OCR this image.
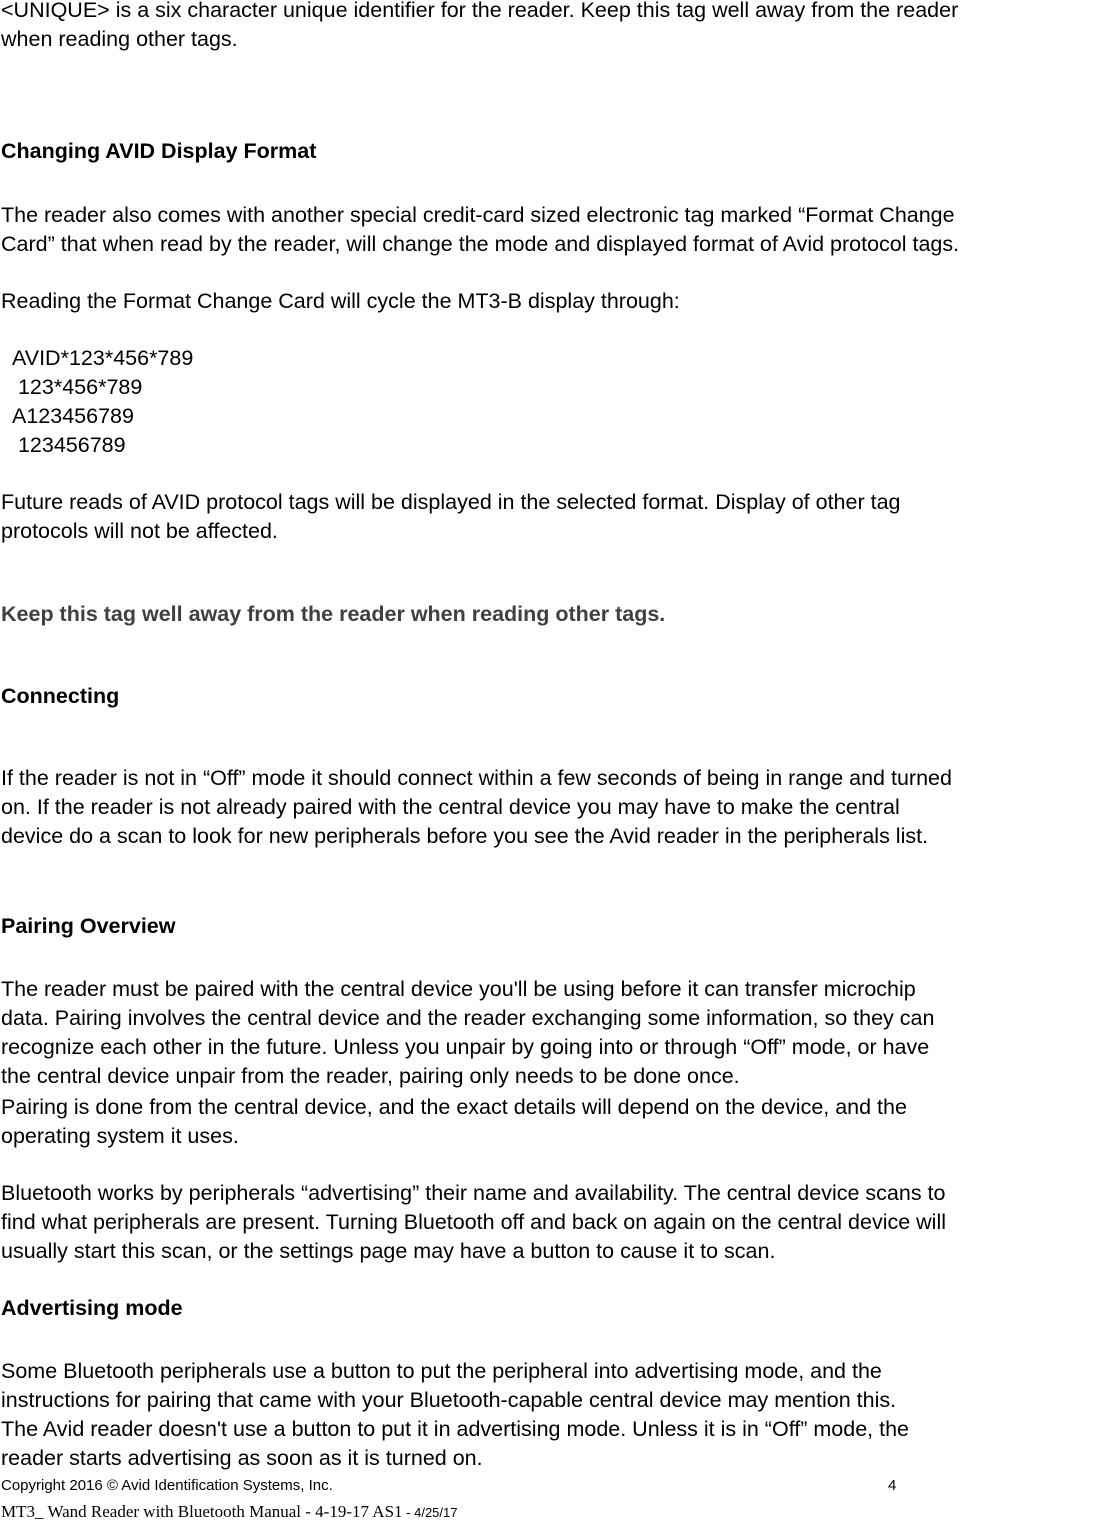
<UNIQUE> is a six character unique identifier for the reader. Keep this tag well away from the reader
when reading other tags.
Changing AVID Display Format
The reader also comes with another special credit-card sized electronic tag marked “Format Change
Card” that when read by the reader, will change the mode and displayed format of Avid protocol tags.
Reading the Format Change Card will cycle the MT3-B display through:
AVID*123*456*789
123*456*789
A123456789
123456789
Future reads of AVID protocol tags will be displayed in the selected format. Display of other tag
protocols will not be affected.
Keep this tag well away from the reader when reading other tags.
Connecting
If the reader is not in “Off” mode it should connect within a few seconds of being in range and turned
on. If the reader is not already paired with the central device you may have to make the central
device do a scan to look for new peripherals before you see the Avid reader in the peripherals list.
Pairing Overview
The reader must be paired with the central device you'll be using before it can transfer microchip
data. Pairing involves the central device and the reader exchanging some information, so they can
recognize each other in the future. Unless you unpair by going into or through “Off” mode, or have
the central device unpair from the reader, pairing only needs to be done once.
Pairing is done from the central device, and the exact details will depend on the device, and the
operating system it uses.
Bluetooth works by peripherals “advertising” their name and availability. The central device scans to
find what peripherals are present. Turning Bluetooth off and back on again on the central device will
usually start this scan, or the settings page may have a button to cause it to scan.
Advertising mode
Some Bluetooth peripherals use a button to put the peripheral into advertising mode, and the
instructions for pairing that came with your Bluetooth-capable central device may mention this.
The Avid reader doesn't use a button to put it in advertising mode. Unless it is in “Off” mode, the
reader starts advertising as soon as it is turned on.
Copyright 2016 © Avid Identification Systems, Inc.	4
MT3_ Wand Reader with Bluetooth Manual - 4-19-17 AS1 - 4/25/17
